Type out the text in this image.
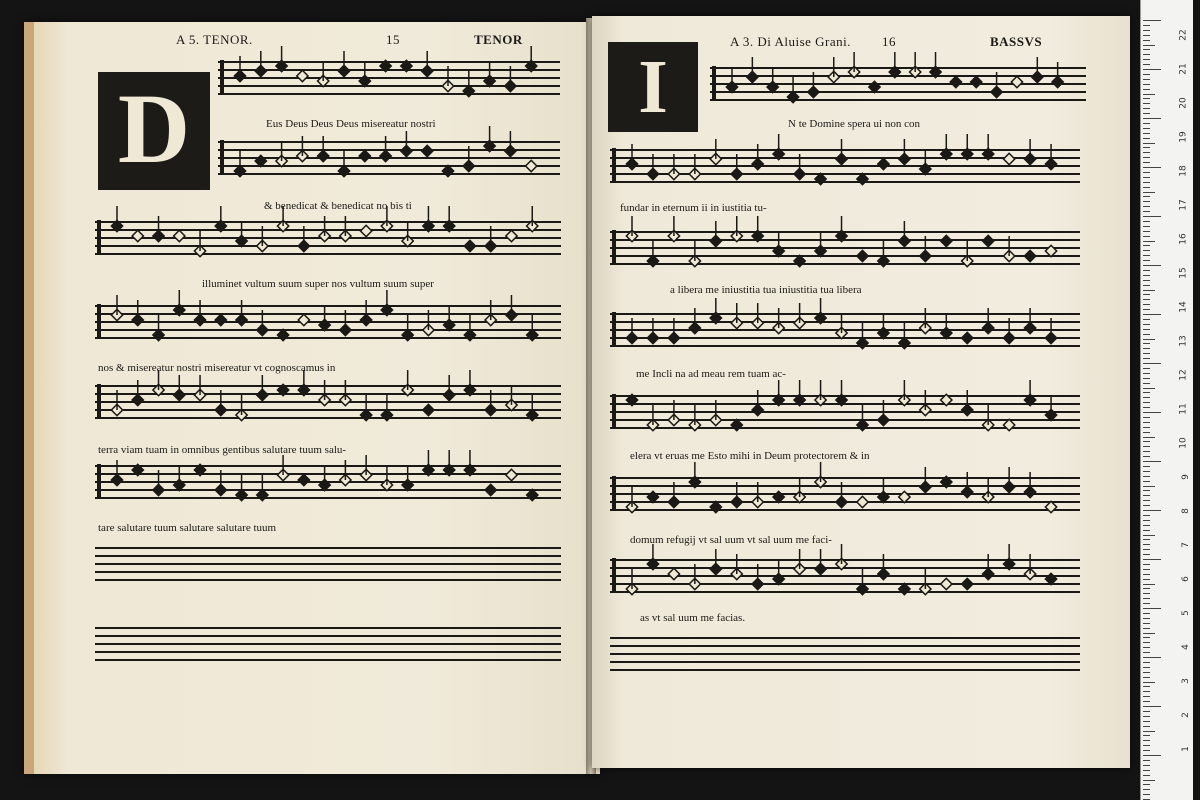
A 5. TENOR.	15	TENOR
D	Eus Deus Deus Deus misereatur nostri
& benedicat & benedicat no bis ti
illuminet vultum suum super nos vultum suum super
nos & misereatur nostri misereatur vt cognoscamus in
terra viam tuam in omnibus gentibus salutare tuum salu-
tare salutare tuum salutare salutare tuum
A 3. Di Aluise Grani. 16	BASSVS
I	N te Domine spera ui non con
fundar in eternum ii in iustitia tu-
a libera me iniustitia tua iniustitia tua libera
me Incli na ad meau rem tuam ac-
elera vt eruas me Esto mihi in Deum protectorem & in
domum refugij vt sal uum vt sal uum me faci-
as vt sal uum me facias.
22
21
20
19
18
17
16
15
14
13
12
11
10
9
8
7
6
5
4
3
2
1
